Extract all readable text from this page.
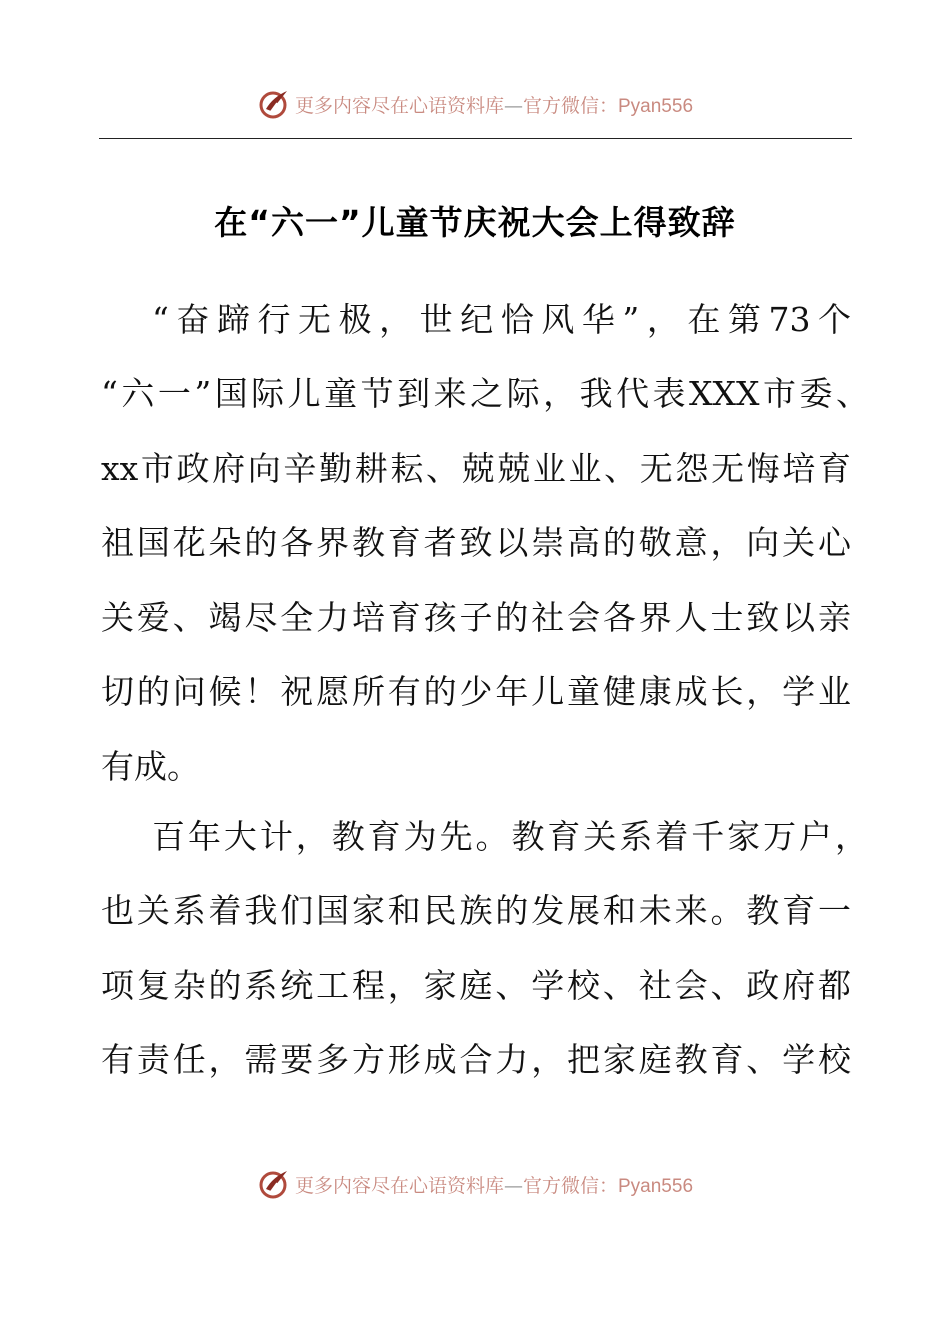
更多内容尽在心语资料库—官方微信：Pyan556
在“六一”儿童节庆祝大会上得致辞
“奋蹄行无极，世纪恰风华”，在第73个
“六一”国际儿童节到来之际，我代表XXX市委、
xx市政府向辛勤耕耘、兢兢业业、无怨无悔培育
祖国花朵的各界教育者致以崇高的敬意，向关心
关爱、竭尽全力培育孩子的社会各界人士致以亲
切的问候！祝愿所有的少年儿童健康成长，学业
有成。
百年大计，教育为先。教育关系着千家万户，
也关系着我们国家和民族的发展和未来。教育一
项复杂的系统工程，家庭、学校、社会、政府都
有责任，需要多方形成合力，把家庭教育、学校
更多内容尽在心语资料库—官方微信：Pyan556
